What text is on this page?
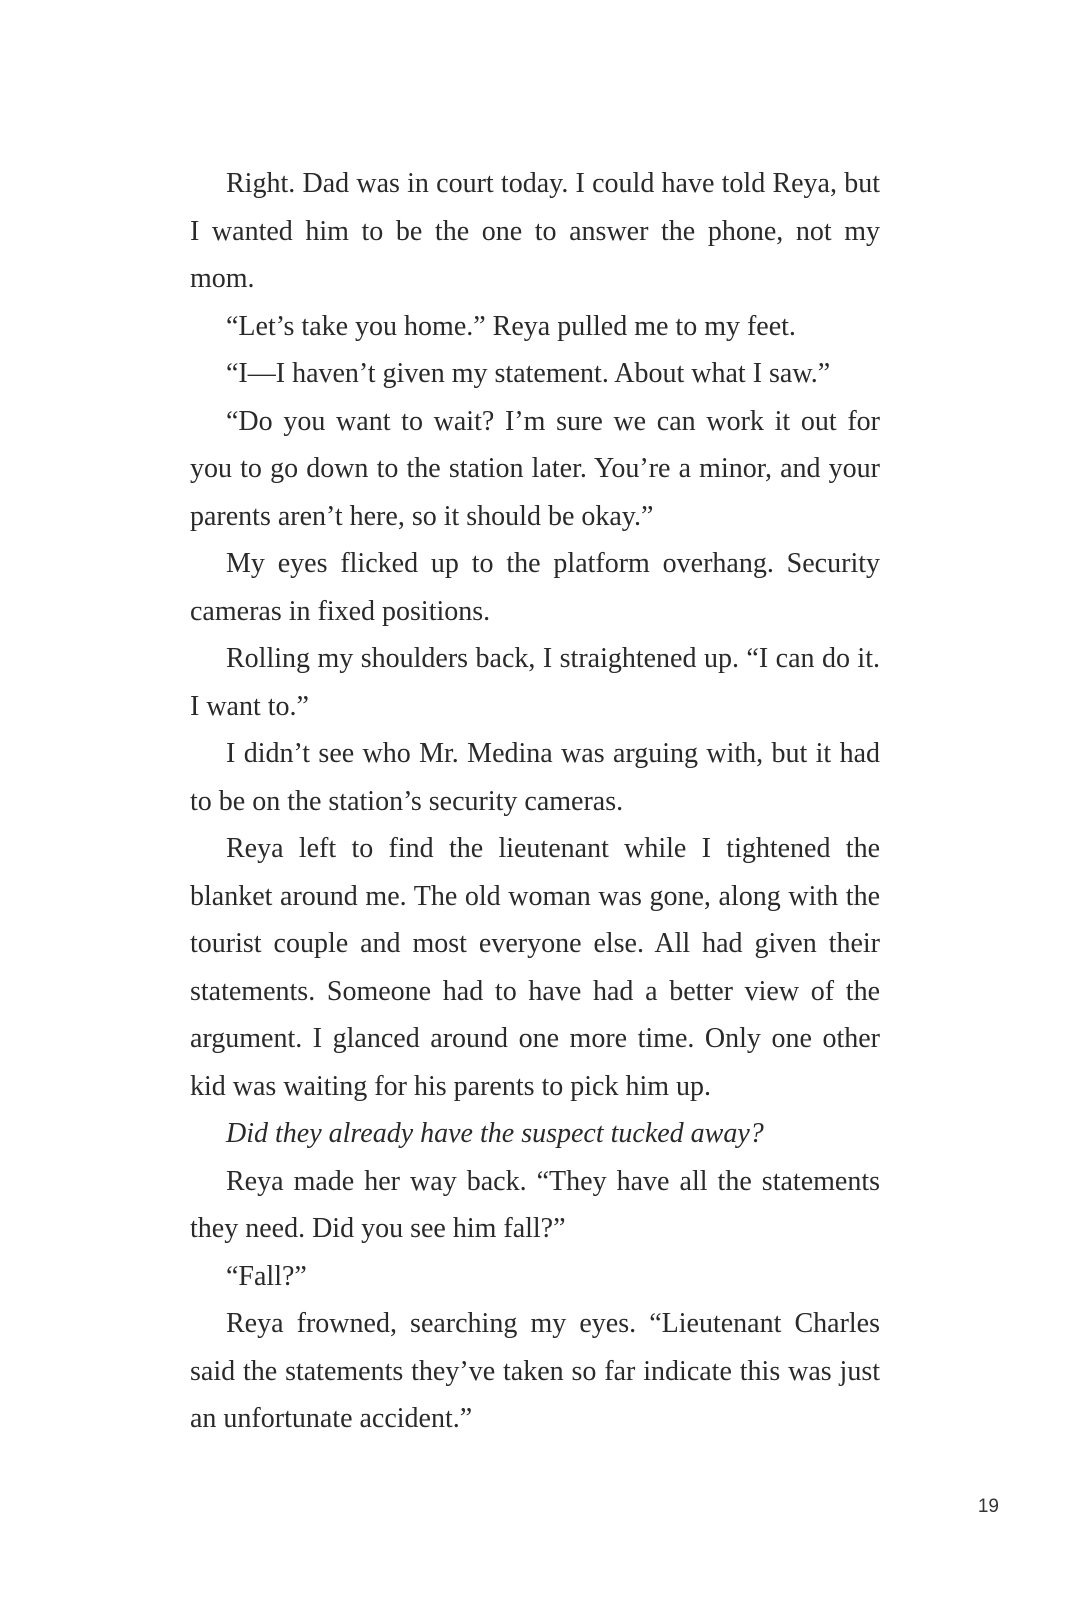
Right. Dad was in court today. I could have told Reya, but I wanted him to be the one to answer the phone, not my mom.

“Let’s take you home.” Reya pulled me to my feet.

“I—I haven’t given my statement. About what I saw.”

“Do you want to wait? I’m sure we can work it out for you to go down to the station later. You’re a minor, and your parents aren’t here, so it should be okay.”

My eyes flicked up to the platform overhang. Security cameras in fixed positions.

Rolling my shoulders back, I straightened up. “I can do it. I want to.”

I didn’t see who Mr. Medina was arguing with, but it had to be on the station’s security cameras.

Reya left to find the lieutenant while I tightened the blanket around me. The old woman was gone, along with the tourist couple and most everyone else. All had given their statements. Someone had to have had a better view of the argument. I glanced around one more time. Only one other kid was waiting for his parents to pick him up.

Did they already have the suspect tucked away?

Reya made her way back. “They have all the statements they need. Did you see him fall?”

“Fall?”

Reya frowned, searching my eyes. “Lieutenant Charles said the statements they’ve taken so far indicate this was just an unfortunate accident.”

19
